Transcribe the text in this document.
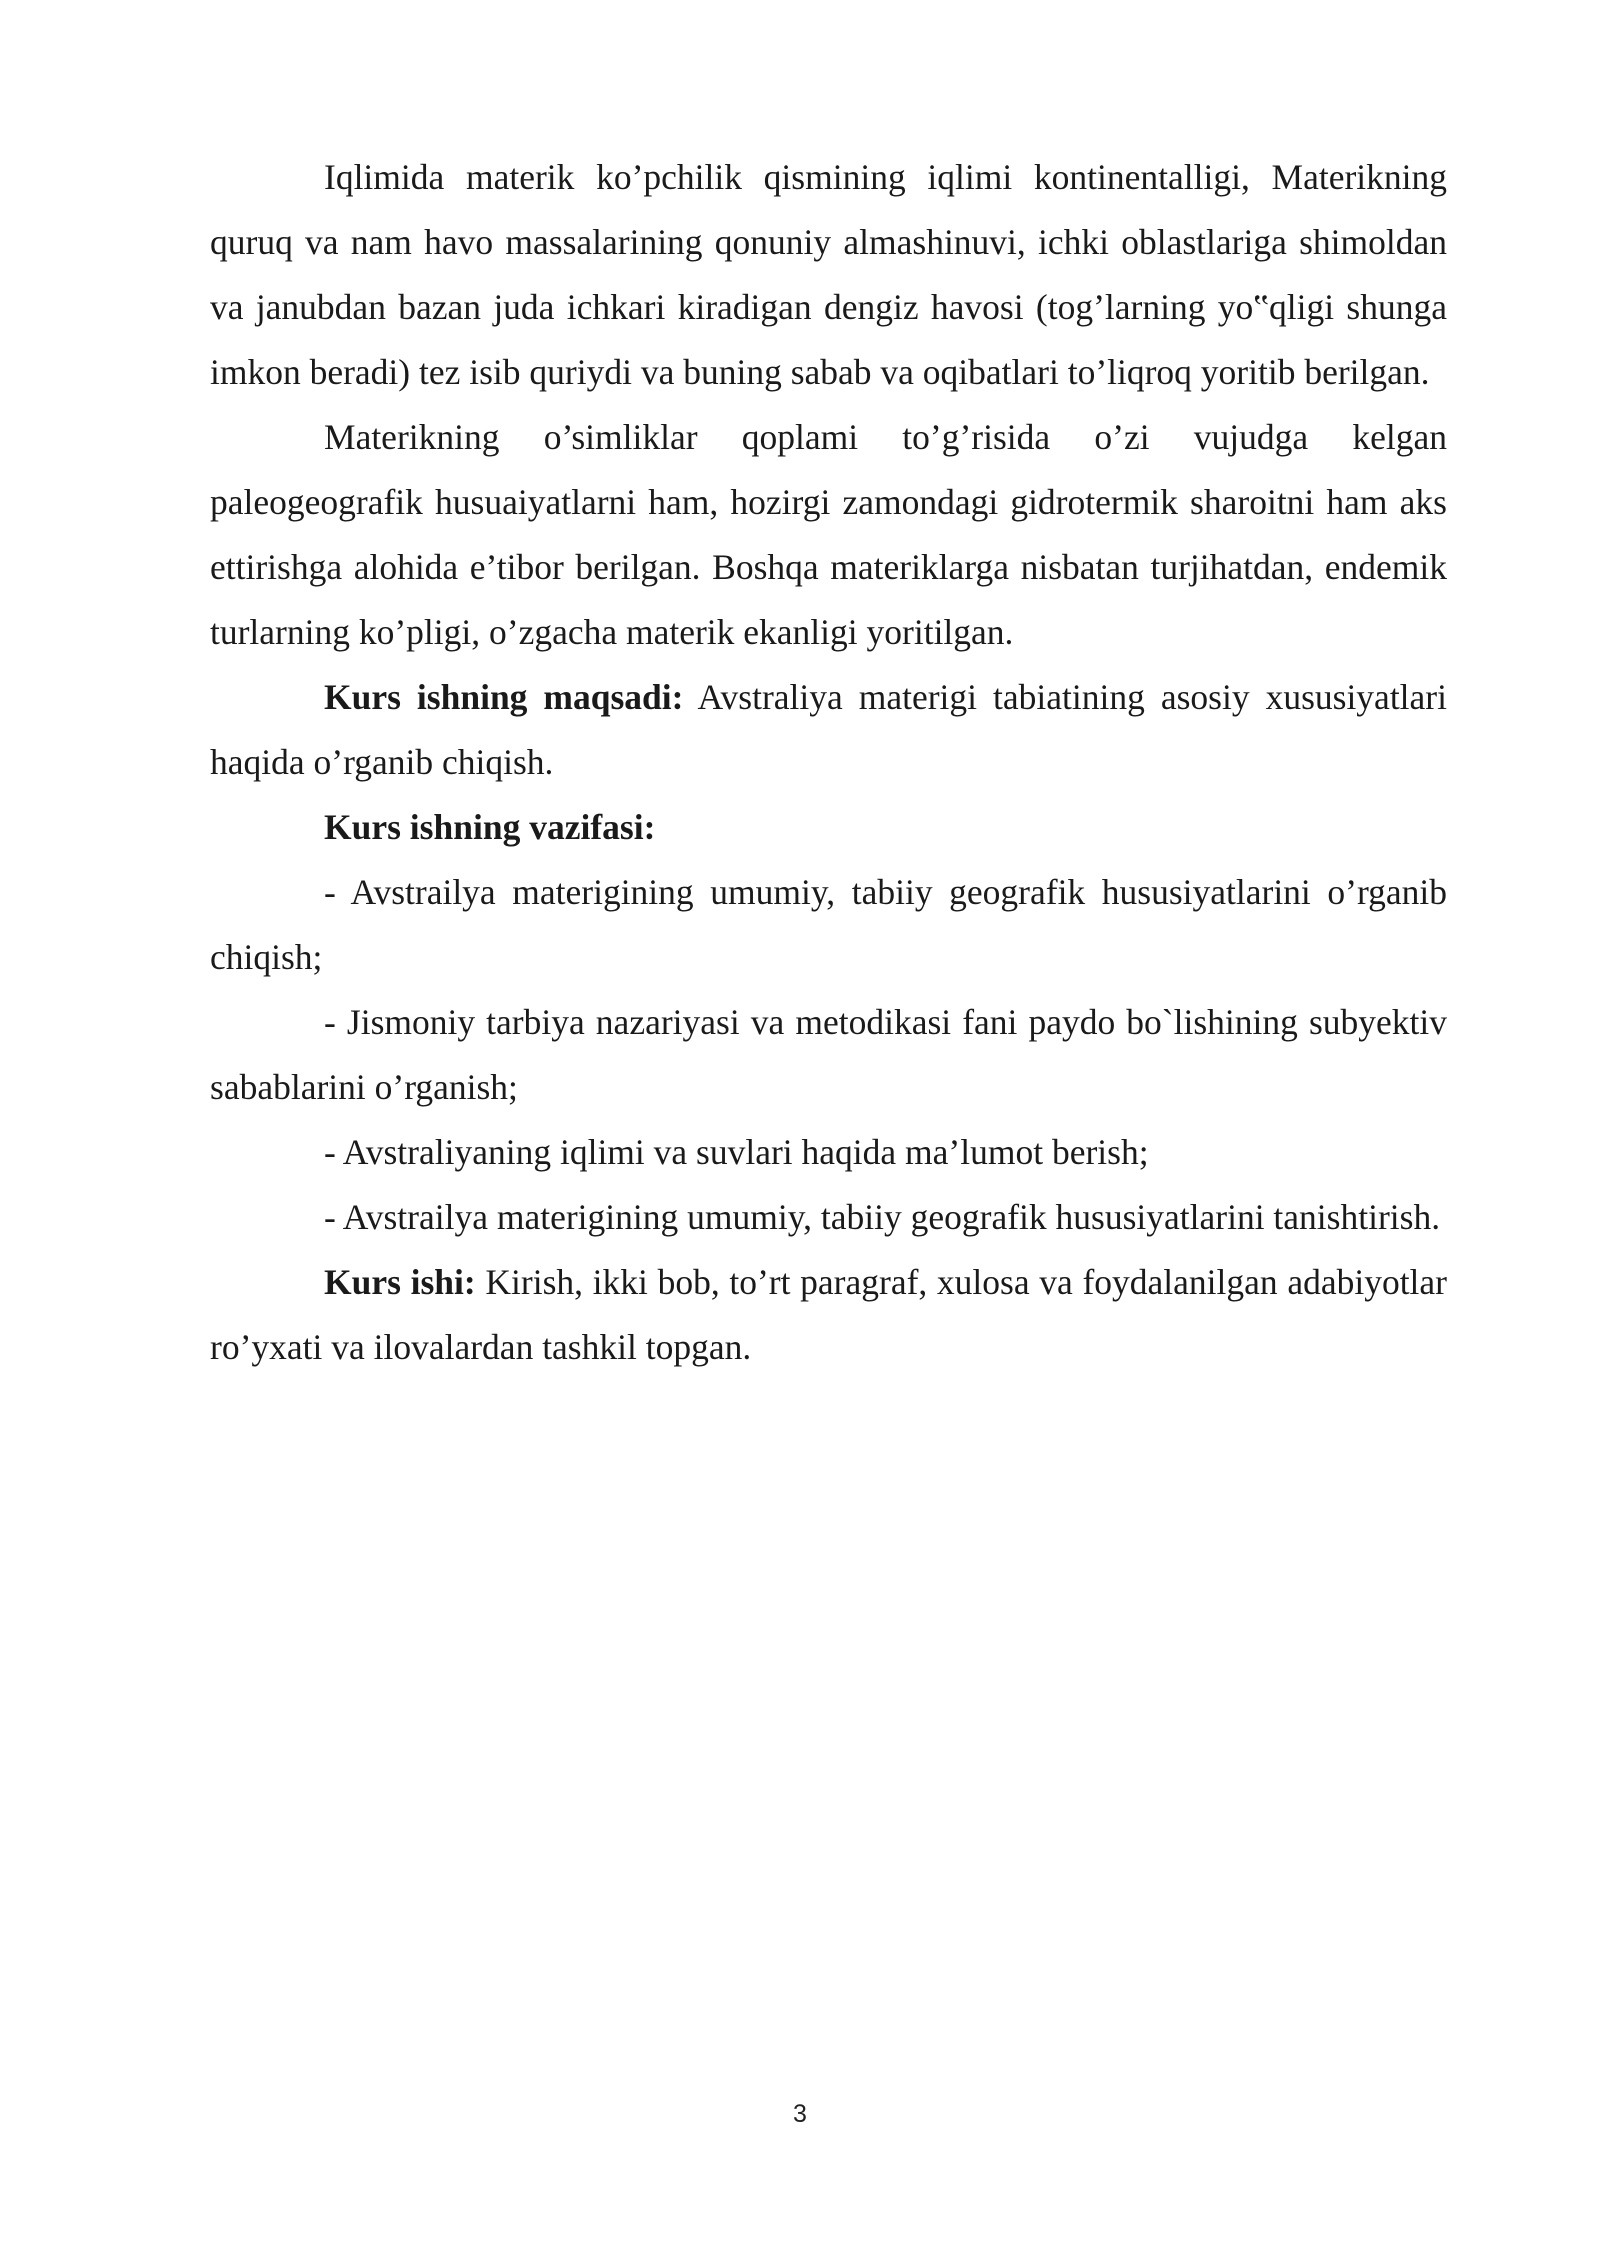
Iqlimida materik ko’pchilik qismining iqlimi kontinentalligi, Materikning quruq va nam havo massalarining qonuniy almashinuvi, ichki oblastlariga shimoldan va janubdan bazan juda ichkari kiradigan dengiz havosi (tog’larning yo‟qligi shunga imkon beradi) tez isib quriydi va buning sabab va oqibatlari to’liqroq yoritib berilgan.

Materikning o’simliklar qoplami to’g’risida o’zi vujudga kelgan paleogeografik husuaiyatlarni ham, hozirgi zamondagi gidrotermik sharoitni ham aks ettirishga alohida e’tibor berilgan. Boshqa materiklarga nisbatan turjihatdan, endemik turlarning ko’pligi, o’zgacha materik ekanligi yoritilgan.

Kurs ishning maqsadi: Avstraliya materigi tabiatining asosiy xususiyatlari haqida o’rganib chiqish.

Kurs ishning vazifasi:

- Avstrailya materigining umumiy, tabiiy geografik hususiyatlarini o’rganib chiqish;

- Jismoniy tarbiya nazariyasi va metodikasi fani paydo bo`lishining subyektiv sabablarini o’rganish;

- Avstraliyaning iqlimi va suvlari haqida ma’lumot berish;

- Avstrailya materigining umumiy, tabiiy geografik hususiyatlarini tanishtirish.

Kurs ishi: Kirish, ikki bob, to’rt paragraf, xulosa va foydalanilgan adabiyotlar ro’yxati va ilovalardan tashkil topgan.

3
